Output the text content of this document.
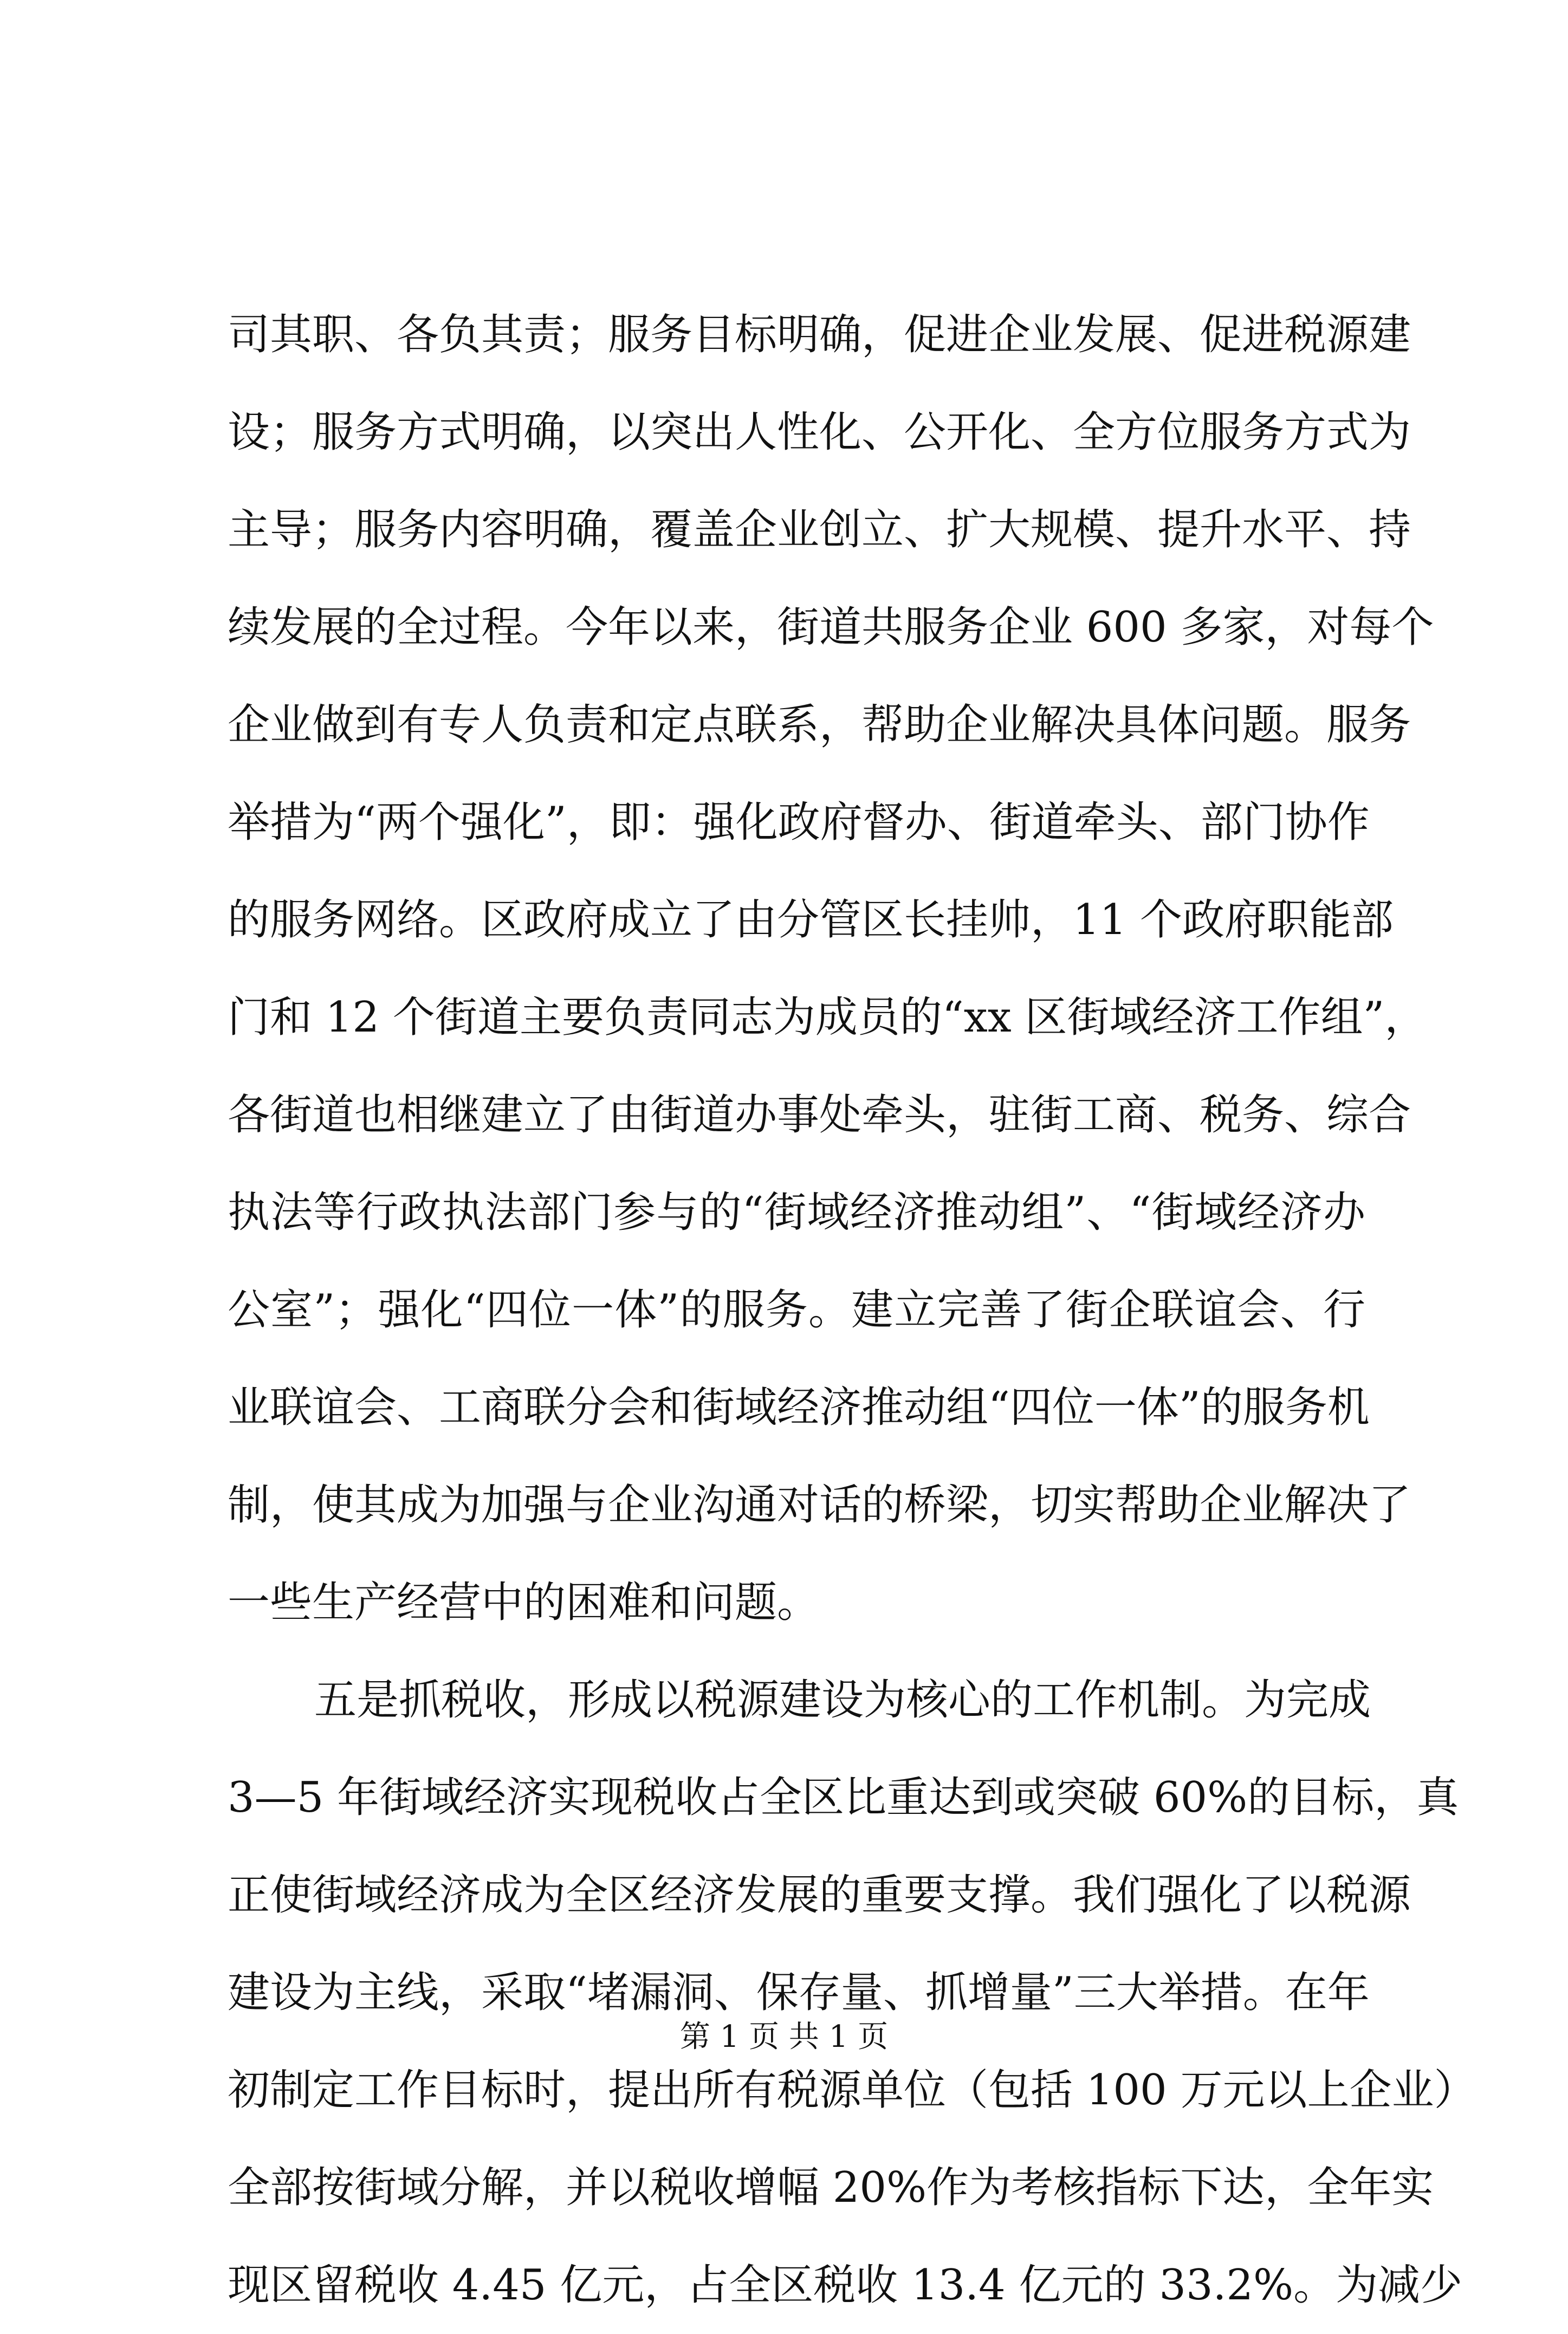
司其职、各负其责；服务目标明确，促进企业发展、促进税源建
设；服务方式明确，以突出人性化、公开化、全方位服务方式为
主导；服务内容明确，覆盖企业创立、扩大规模、提升水平、持
续发展的全过程。今年以来，街道共服务企业 600 多家，对每个
企业做到有专人负责和定点联系，帮助企业解决具体问题。服务
举措为“两个强化”，即：强化政府督办、街道牵头、部门协作
的服务网络。区政府成立了由分管区长挂帅，11 个政府职能部
门和 12 个街道主要负责同志为成员的“xx 区街域经济工作组”，
各街道也相继建立了由街道办事处牵头，驻街工商、税务、综合
执法等行政执法部门参与的“街域经济推动组”、“街域经济办
公室”；强化“四位一体”的服务。建立完善了街企联谊会、行
业联谊会、工商联分会和街域经济推动组“四位一体”的服务机
制，使其成为加强与企业沟通对话的桥梁，切实帮助企业解决了
一些生产经营中的困难和问题。
五是抓税收，形成以税源建设为核心的工作机制。为完成
3—5 年街域经济实现税收占全区比重达到或突破 60%的目标，真
正使街域经济成为全区经济发展的重要支撑。我们强化了以税源
建设为主线，采取“堵漏洞、保存量、抓增量”三大举措。在年
初制定工作目标时，提出所有税源单位（包括 100 万元以上企业）
全部按街域分解，并以税收增幅 20%作为考核指标下达，全年实
现区留税收 4.45 亿元，占全区税收 13.4 亿元的 33.2%。为减少
第 1 页 共 1 页
